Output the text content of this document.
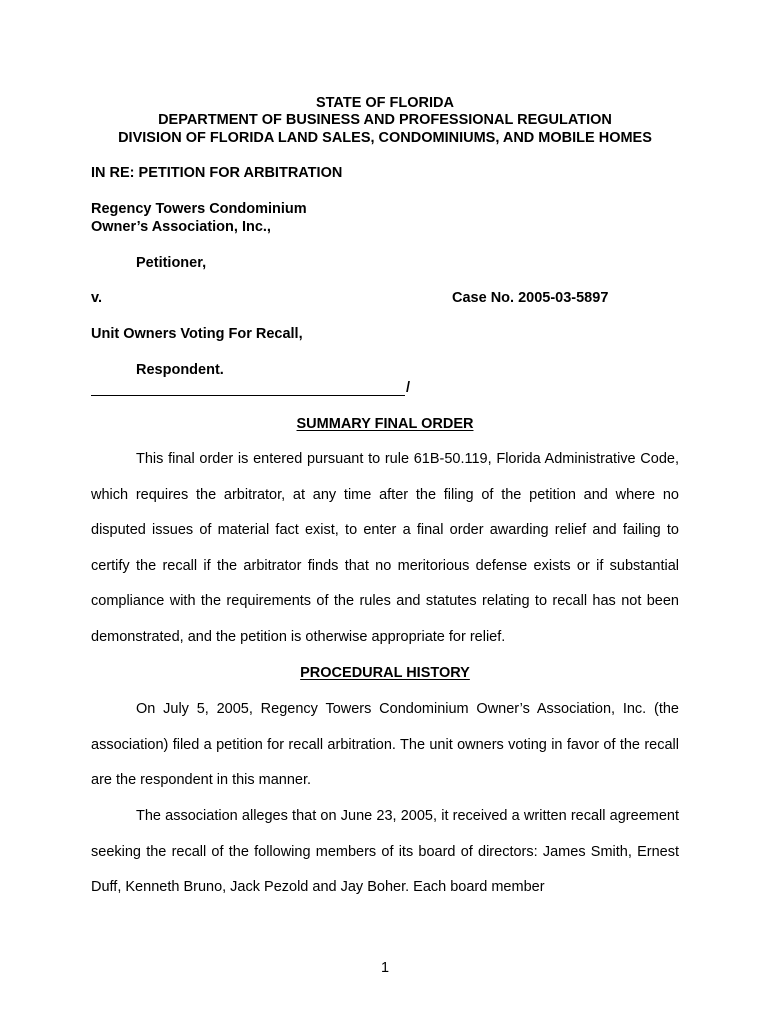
STATE OF FLORIDA

DEPARTMENT OF BUSINESS AND PROFESSIONAL REGULATION

DIVISION OF FLORIDA LAND SALES, CONDOMINIUMS, AND MOBILE HOMES

IN RE: PETITION FOR ARBITRATION

Regency Towers Condominium

Owner’s Association, Inc.,

Petitioner,

v.	Case No. 2005-03-5897

Unit Owners Voting For Recall,

Respondent.

/

SUMMARY FINAL ORDER

This final order is entered pursuant to rule 61B-50.119, Florida Administrative Code, which requires the arbitrator, at any time after the filing of the petition and where no disputed issues of material fact exist, to enter a final order awarding relief and failing to certify the recall if the arbitrator finds that no meritorious defense exists or if substantial compliance with the requirements of the rules and statutes relating to recall has not been demonstrated, and the petition is otherwise appropriate for relief.

PROCEDURAL HISTORY

On July 5, 2005, Regency Towers Condominium Owner’s Association, Inc. (the association) filed a petition for recall arbitration. The unit owners voting in favor of the recall are the respondent in this manner.

The association alleges that on June 23, 2005, it received a written recall agreement seeking the recall of the following members of its board of directors: James Smith, Ernest Duff, Kenneth Bruno, Jack Pezold and Jay Boher. Each board member

1
